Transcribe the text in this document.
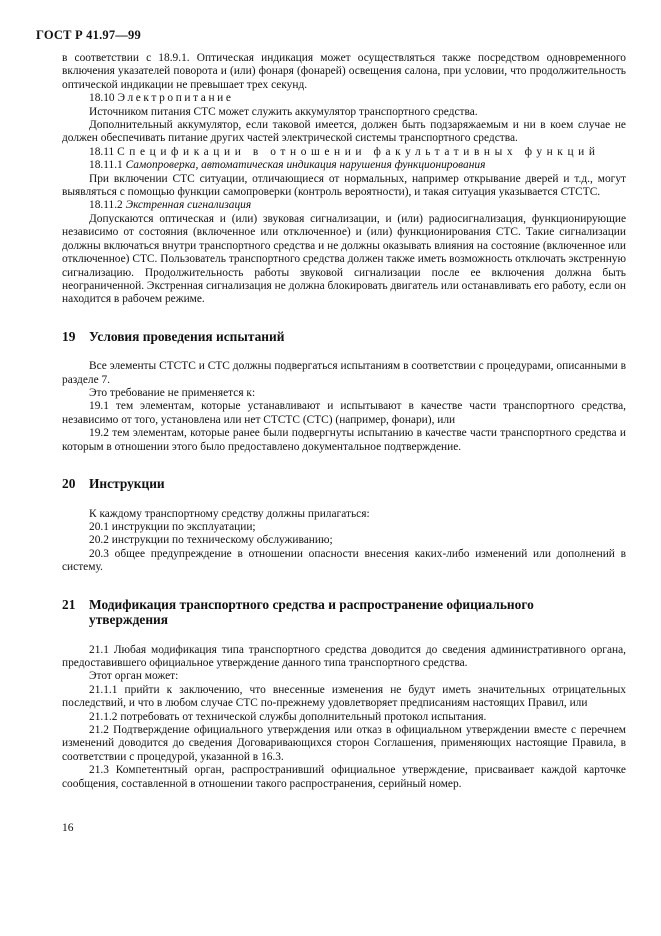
ГОСТ Р 41.97—99

в соответствии с 18.9.1. Оптическая индикация может осуществляться также посредством одновременного включения указателей поворота и (или) фонаря (фонарей) освещения салона, при условии, что продолжительность оптической индикации не превышает трех секунд.

18.10 Электропитание

Источником питания СТС может служить аккумулятор транспортного средства.

Дополнительный аккумулятор, если таковой имеется, должен быть подзаряжаемым и ни в коем случае не должен обеспечивать питание других частей электрической системы транспортного средства.

18.11 Спецификации в отношении факультативных функций

18.11.1 Самопроверка, автоматическая индикация нарушения функционирования

При включении СТС ситуации, отличающиеся от нормальных, например открывание дверей и т.д., могут выявляться с помощью функции самопроверки (контроль вероятности), и такая ситуация указывается СТСТС.

18.11.2 Экстренная сигнализация

Допускаются оптическая и (или) звуковая сигнализации, и (или) радиосигнализация, функционирующие независимо от состояния (включенное или отключенное) и (или) функционирования СТС. Такие сигнализации должны включаться внутри транспортного средства и не должны оказывать влияния на состояние (включенное или отключенное) СТС. Пользователь транспортного средства должен также иметь возможность отключать экстренную сигнализацию. Продолжительность работы звуковой сигнализации после ее включения должна быть неограниченной. Экстренная сигнализация не должна блокировать двигатель или останавливать его работу, если он находится в рабочем режиме.

19 Условия проведения испытаний

Все элементы СТСТС и СТС должны подвергаться испытаниям в соответствии с процедурами, описанными в разделе 7.

Это требование не применяется к:

19.1 тем элементам, которые устанавливают и испытывают в качестве части транспортного средства, независимо от того, установлена или нет СТСТС (СТС) (например, фонари), или

19.2 тем элементам, которые ранее были подвергнуты испытанию в качестве части транспортного средства и которым в отношении этого было предоставлено документальное подтверждение.

20 Инструкции

К каждому транспортному средству должны прилагаться:

20.1 инструкции по эксплуатации;

20.2 инструкции по техническому обслуживанию;

20.3 общее предупреждение в отношении опасности внесения каких-либо изменений или дополнений в систему.

21 Модификация транспортного средства и распространение официального

утверждения

21.1 Любая модификация типа транспортного средства доводится до сведения административного органа, предоставившего официальное утверждение данного типа транспортного средства.

Этот орган может:

21.1.1 прийти к заключению, что внесенные изменения не будут иметь значительных отрицательных последствий, и что в любом случае СТС по-прежнему удовлетворяет предписаниям настоящих Правил, или

21.1.2 потребовать от технической службы дополнительный протокол испытания.

21.2 Подтверждение официального утверждения или отказ в официальном утверждении вместе с перечнем изменений доводится до сведения Договаривающихся сторон Соглашения, применяющих настоящие Правила, в соответствии с процедурой, указанной в 16.3.

21.3 Компетентный орган, распространивший официальное утверждение, присваивает каждой карточке сообщения, составленной в отношении такого распространения, серийный номер.

16
